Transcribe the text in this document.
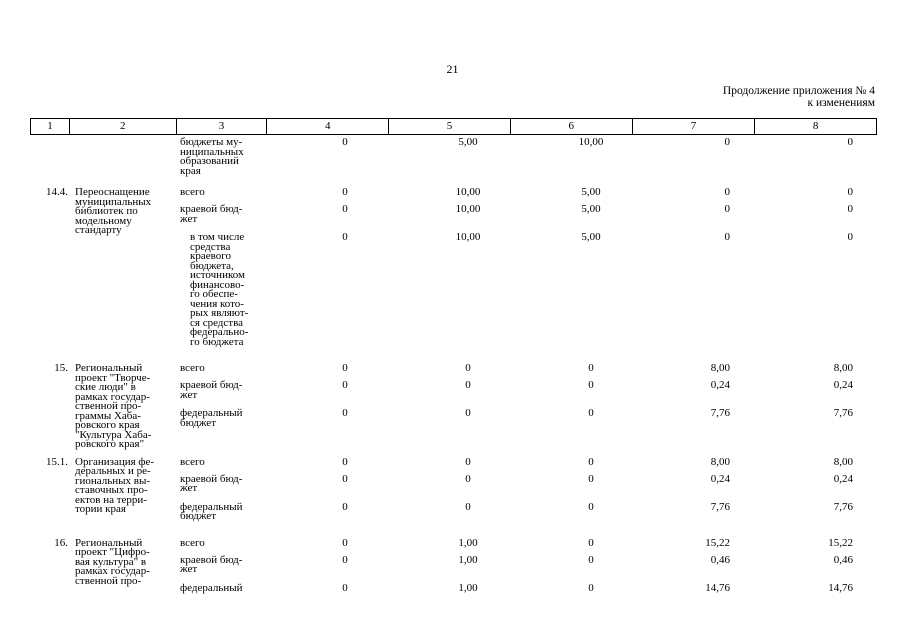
21
Продолжение приложения № 4
к изменениям
1	2	3	4	5	6	7	8
бюджеты му-
ниципальных
образований
края
0	5,00	10,00	0	0
14.4. Переоснащение
муниципальных
библиотек по
модельному
стандарту
всего	0	10,00	5,00	0	0
краевой бюд-
жет
0	10,00	5,00	0	0
в том числе
средства
краевого
бюджета,
источником
финансово-
го обеспе-
чения кото-
рых являют-
ся средства
федерально-
го бюджета
0	10,00	5,00	0	0
15. Региональный
проект "Творче-
ские люди" в
рамках государ-
ственной про-
граммы Хаба-
ровского края
"Культура Хаба-
ровского края"
всего	0	0	0	8,00	8,00
краевой бюд-
жет
0	0	0	0,24	0,24
федеральный
бюджет
0	0	0	7,76	7,76
15.1. Организация фе-
деральных и ре-
гиональных вы-
ставочных про-
ектов на терри-
тории края
всего	0	0	0	8,00	8,00
краевой бюд-
жет
0	0	0	0,24	0,24
федеральный
бюджет
0	0	0	7,76	7,76
16. Региональный
проект "Цифро-
вая культура" в
рамках государ-
ственной про-
всего	0	1,00	0	15,22	15,22
краевой бюд-
жет
0	1,00	0	0,46	0,46
федеральный	0	1,00	0	14,76	14,76
